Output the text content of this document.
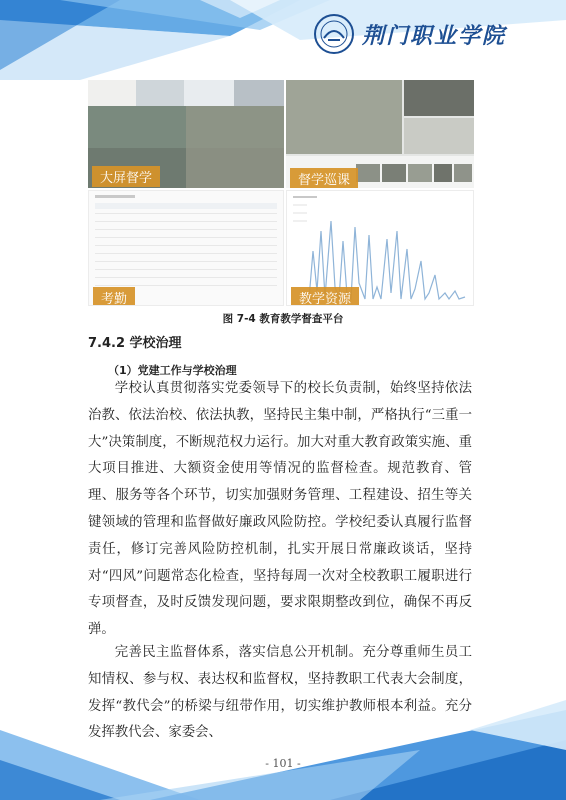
荆门职业学院
大屏督学	督学巡课
考勤	教学资源
图 7-4 教育教学督查平台
7.4.2 学校治理
（1）党建工作与学校治理

学校认真贯彻落实党委领导下的校长负责制，始终坚持依法治教、依法治校、依法执教，坚持民主集中制，严格执行“三重一大”决策制度，不断规范权力运行。加大对重大教育政策实施、重大项目推进、大额资金使用等情况的监督检查。规范教育、管理、服务等各个环节，切实加强财务管理、工程建设、招生等关键领域的管理和监督做好廉政风险防控。学校纪委认真履行监督责任，修订完善风险防控机制，扎实开展日常廉政谈话，坚持对“四风”问题常态化检查，坚持每周一次对全校教职工履职进行专项督查，及时反馈发现问题，要求限期整改到位，确保不再反弹。

完善民主监督体系，落实信息公开机制。充分尊重师生员工知情权、参与权、表达权和监督权，坚持教职工代表大会制度，发挥“教代会”的桥梁与纽带作用，切实维护教师根本利益。充分发挥教代会、家委会、

- 101 -
